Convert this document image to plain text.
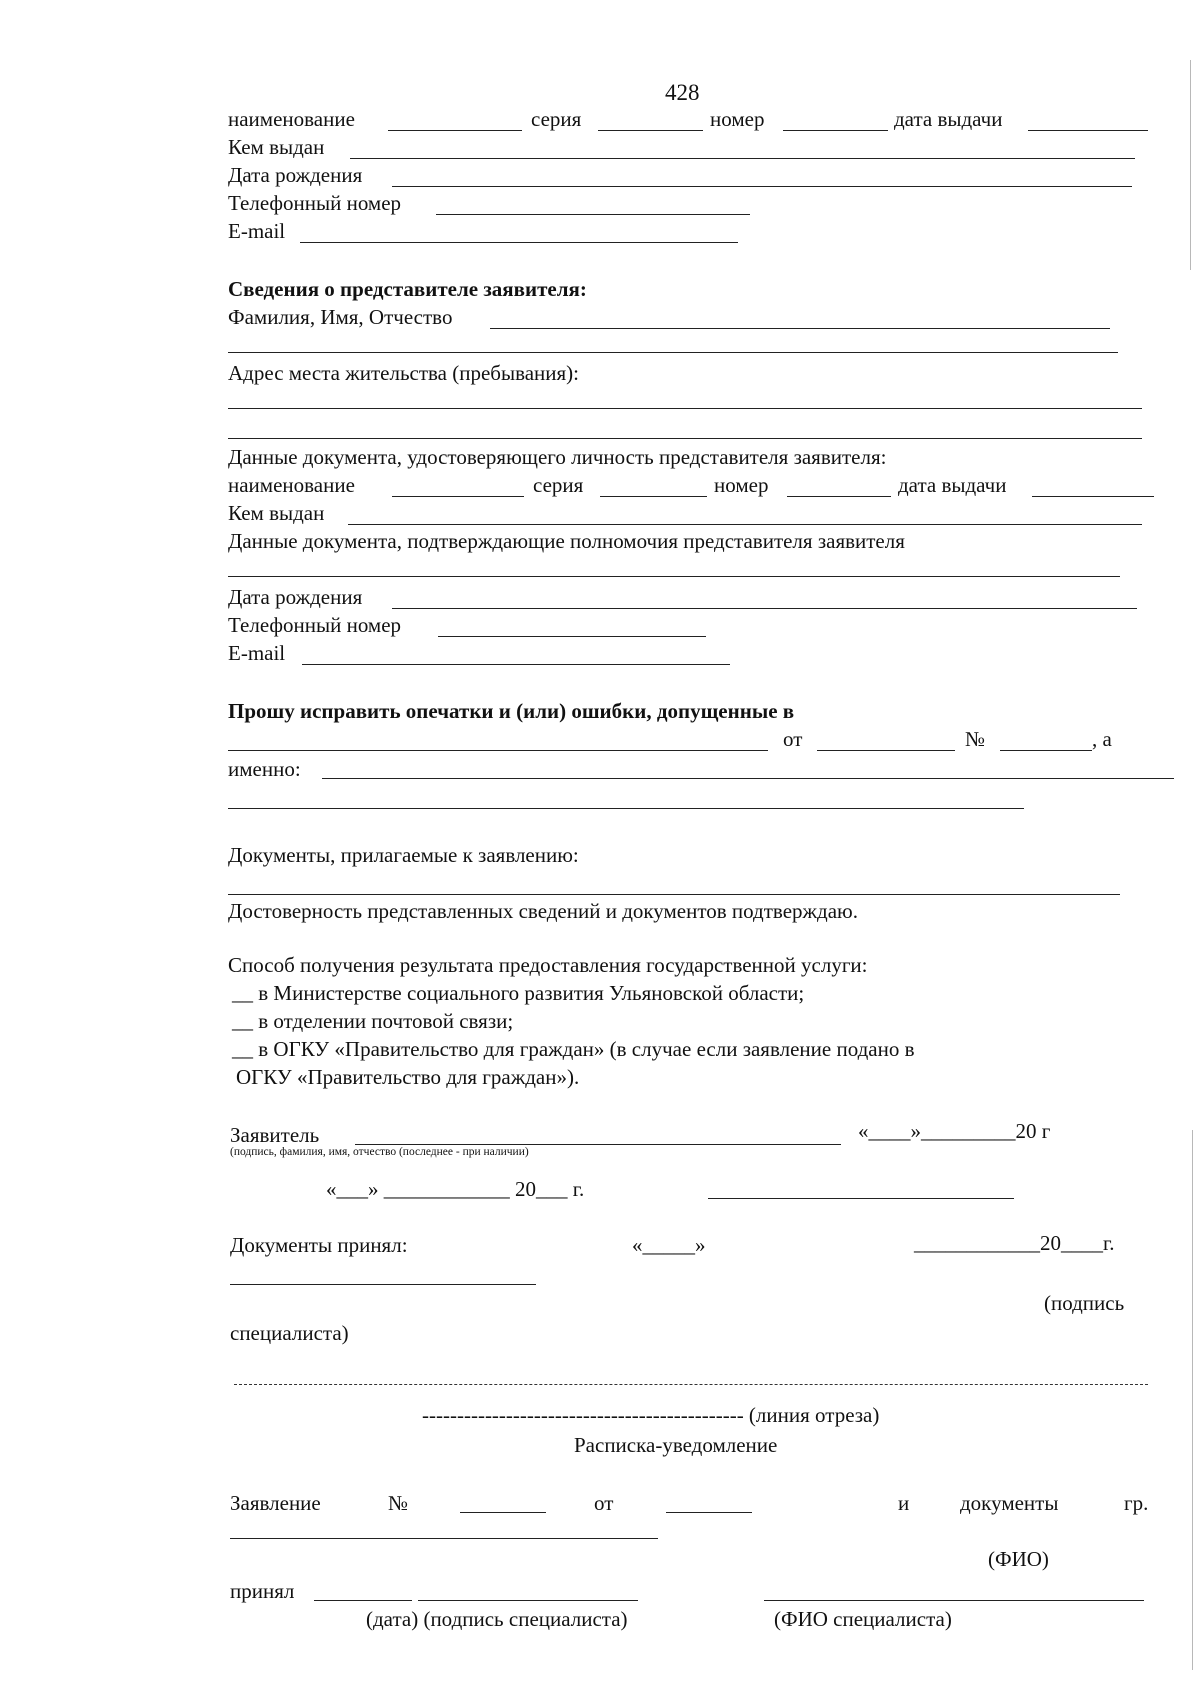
428
наименование	серия	номер	дата выдачи
Кем выдан
Дата рождения
Телефонный номер
E-mail
Сведения о представителе заявителя:
Фамилия, Имя, Отчество
Адрес места жительства (пребывания):
Данные документа, удостоверяющего личность представителя заявителя:
наименование	серия	номер	дата выдачи
Кем выдан
Данные документа, подтверждающие полномочия представителя заявителя
Дата рождения
Телефонный номер
E-mail
Прошу исправить опечатки и (или) ошибки, допущенные в
от	№	, а
именно:
Документы, прилагаемые к заявлению:
Достоверность представленных сведений и документов подтверждаю.
Способ получения результата предоставления государственной услуги:
__ в Министерстве социального развития Ульяновской области;
__ в отделении почтовой связи;
__ в ОГКУ «Правительство для граждан» (в случае если заявление подано в
ОГКУ «Правительство для граждан»).
Заявитель	«____»_________20 г
(подпись, фамилия, имя, отчество (последнее - при наличии)
«___» ____________ 20___ г.
Документы принял:	«_____»	____________20____г.
(подпись
специалиста)
---------------------------------------------- (линия отреза)
Расписка-уведомление
Заявление	№	от	и документы	гр.
(ФИО)
принял
(дата) (подпись специалиста)	(ФИО специалиста)
